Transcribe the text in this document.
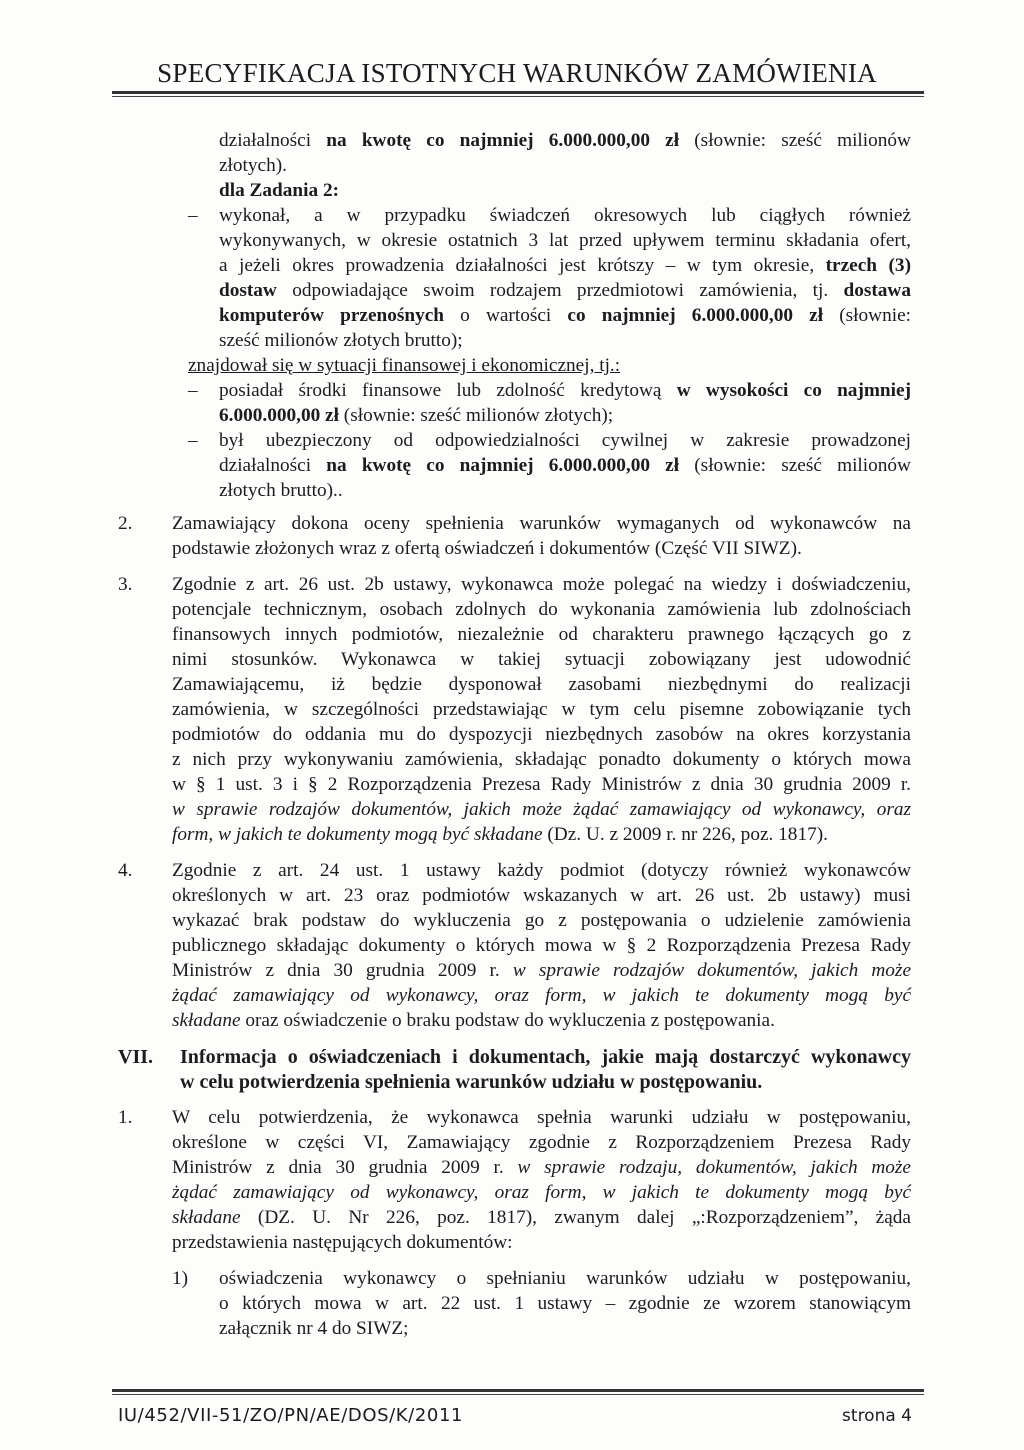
SPECYFIKACJA ISTOTNYCH WARUNKÓW ZAMÓWIENIA
działalności na kwotę co najmniej 6.000.000,00 zł (słownie: sześć milionów
złotych).
dla Zadania 2:
– wykonał, a w przypadku świadczeń okresowych lub ciągłych również
wykonywanych, w okresie ostatnich 3 lat przed upływem terminu składania ofert,
a jeżeli okres prowadzenia działalności jest krótszy – w tym okresie, trzech (3)
dostaw odpowiadające swoim rodzajem przedmiotowi zamówienia, tj. dostawa
komputerów przenośnych o wartości co najmniej 6.000.000,00 zł (słownie:
sześć milionów złotych brutto);
znajdował się w sytuacji finansowej i ekonomicznej, tj.:
– posiadał środki finansowe lub zdolność kredytową w wysokości co najmniej
6.000.000,00 zł (słownie: sześć milionów złotych);
– był ubezpieczony od odpowiedzialności cywilnej w zakresie prowadzonej
działalności na kwotę co najmniej 6.000.000,00 zł (słownie: sześć milionów
złotych brutto)..
2. Zamawiający dokona oceny spełnienia warunków wymaganych od wykonawców na
podstawie złożonych wraz z ofertą oświadczeń i dokumentów (Część VII SIWZ).
3. Zgodnie z art. 26 ust. 2b ustawy, wykonawca może polegać na wiedzy i doświadczeniu,
potencjale technicznym, osobach zdolnych do wykonania zamówienia lub zdolnościach
finansowych innych podmiotów, niezależnie od charakteru prawnego łączących go z
nimi stosunków. Wykonawca w takiej sytuacji zobowiązany jest udowodnić
Zamawiającemu, iż będzie dysponował zasobami niezbędnymi do realizacji
zamówienia, w szczególności przedstawiając w tym celu pisemne zobowiązanie tych
podmiotów do oddania mu do dyspozycji niezbędnych zasobów na okres korzystania
z nich przy wykonywaniu zamówienia, składając ponadto dokumenty o których mowa
w § 1 ust. 3 i § 2 Rozporządzenia Prezesa Rady Ministrów z dnia 30 grudnia 2009 r.
w sprawie rodzajów dokumentów, jakich może żądać zamawiający od wykonawcy, oraz
form, w jakich te dokumenty mogą być składane (Dz. U. z 2009 r. nr 226, poz. 1817).
4. Zgodnie z art. 24 ust. 1 ustawy każdy podmiot (dotyczy również wykonawców
określonych w art. 23 oraz podmiotów wskazanych w art. 26 ust. 2b ustawy) musi
wykazać brak podstaw do wykluczenia go z postępowania o udzielenie zamówienia
publicznego składając dokumenty o których mowa w § 2 Rozporządzenia Prezesa Rady
Ministrów z dnia 30 grudnia 2009 r. w sprawie rodzajów dokumentów, jakich może
żądać zamawiający od wykonawcy, oraz form, w jakich te dokumenty mogą być
składane oraz oświadczenie o braku podstaw do wykluczenia z postępowania.
VII. Informacja o oświadczeniach i dokumentach, jakie mają dostarczyć wykonawcy
w celu potwierdzenia spełnienia warunków udziału w postępowaniu.
1. W celu potwierdzenia, że wykonawca spełnia warunki udziału w postępowaniu,
określone w części VI, Zamawiający zgodnie z Rozporządzeniem Prezesa Rady
Ministrów z dnia 30 grudnia 2009 r. w sprawie rodzaju, dokumentów, jakich może
żądać zamawiający od wykonawcy, oraz form, w jakich te dokumenty mogą być
składane (DZ. U. Nr 226, poz. 1817), zwanym dalej „:Rozporządzeniem”, żąda
przedstawienia następujących dokumentów:
1) oświadczenia wykonawcy o spełnianiu warunków udziału w postępowaniu,
o których mowa w art. 22 ust. 1 ustawy – zgodnie ze wzorem stanowiącym
załącznik nr 4 do SIWZ;
IU/452/VII-51/ZO/PN/AE/DOS/K/2011	strona 4
